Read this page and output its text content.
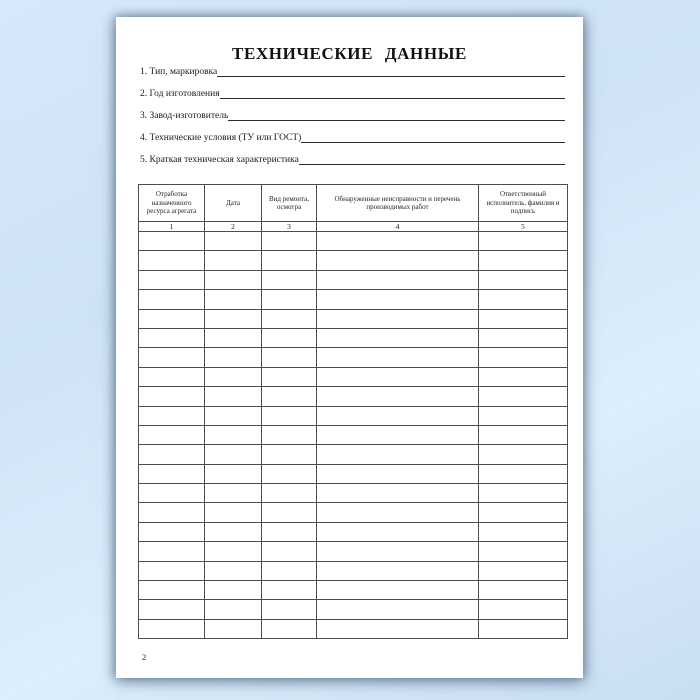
ТЕХНИЧЕСКИЕ ДАННЫЕ
1. Тип, маркировка
2. Год изготовления
3. Завод-изготовитель
4. Технические условия (ТУ или ГОСТ)
5. Краткая техническая характеристика
Отработка назначенного ресурса агрегата	Дата	Вид ремонта, осмотра	Обнаруженные неисправности и перечень производимых работ	Ответственный исполнитель, фамилия и подпись
1	2	3	4	5

2
